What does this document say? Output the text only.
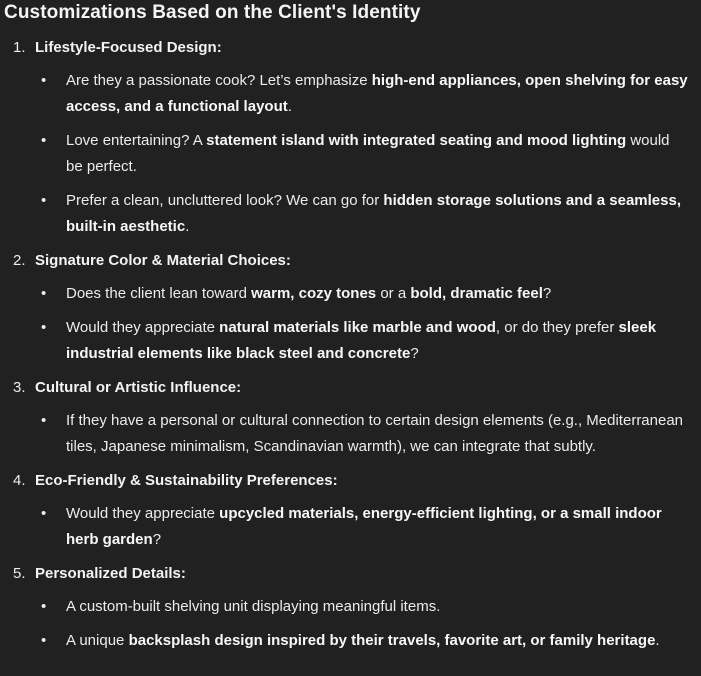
Customizations Based on the Client's Identity
1. Lifestyle-Focused Design:
• Are they a passionate cook? Let’s emphasize high-end appliances, open shelving for easy access, and a functional layout.
• Love entertaining? A statement island with integrated seating and mood lighting would be perfect.
• Prefer a clean, uncluttered look? We can go for hidden storage solutions and a seamless, built-in aesthetic.
2. Signature Color & Material Choices:
• Does the client lean toward warm, cozy tones or a bold, dramatic feel?
• Would they appreciate natural materials like marble and wood, or do they prefer sleek industrial elements like black steel and concrete?
3. Cultural or Artistic Influence:
• If they have a personal or cultural connection to certain design elements (e.g., Mediterranean tiles, Japanese minimalism, Scandinavian warmth), we can integrate that subtly.
4. Eco-Friendly & Sustainability Preferences:
• Would they appreciate upcycled materials, energy-efficient lighting, or a small indoor herb garden?
5. Personalized Details:
• A custom-built shelving unit displaying meaningful items.
• A unique backsplash design inspired by their travels, favorite art, or family heritage.
